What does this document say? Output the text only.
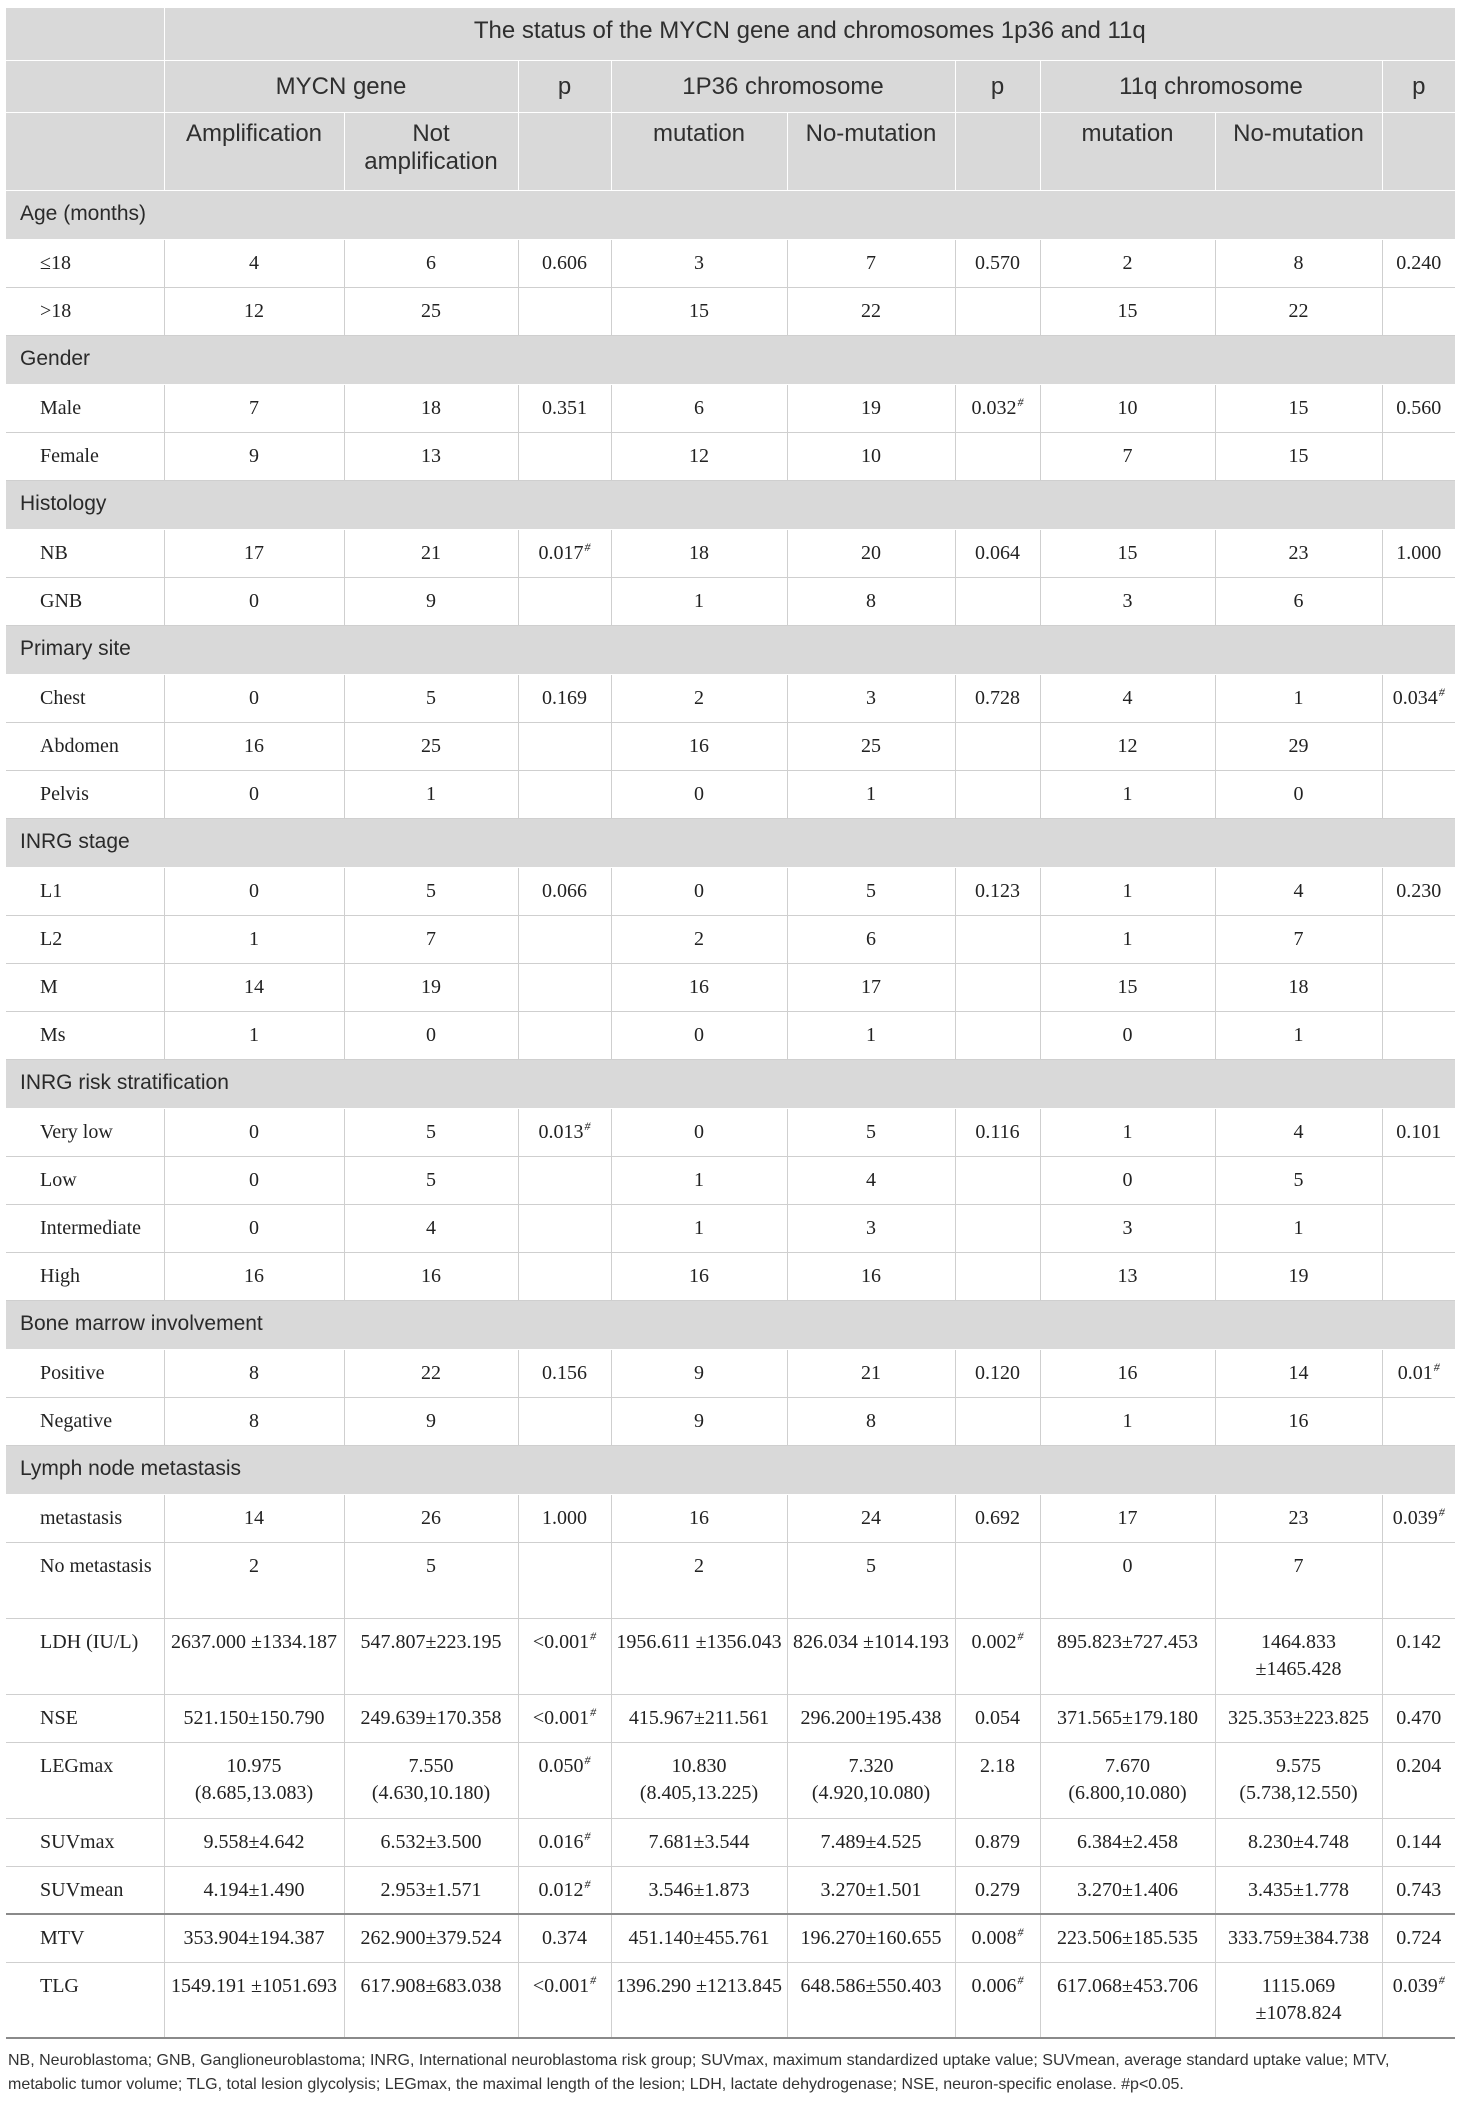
	The status of the MYCN gene and chromosomes 1p36 and 11q								
	MYCN gene		p	1P36 chromosome		p	11q chromosome		p
	Amplification	Not amplification		mutation	No-mutation		mutation	No-mutation	
Age (months)									
≤18	4	6	0.606	3	7	0.570	2	8	0.240
>18	12	25		15	22		15	22	
Gender									
Male	7	18	0.351	6	19	0.032#	10	15	0.560
Female	9	13		12	10		7	15	
Histology									
NB	17	21	0.017#	18	20	0.064	15	23	1.000
GNB	0	9		1	8		3	6	
Primary site									
Chest	0	5	0.169	2	3	0.728	4	1	0.034#
Abdomen	16	25		16	25		12	29	
Pelvis	0	1		0	1		1	0	
INRG stage									
L1	0	5	0.066	0	5	0.123	1	4	0.230
L2	1	7		2	6		1	7	
M	14	19		16	17		15	18	
Ms	1	0		0	1		0	1	
INRG risk stratification									
Very low	0	5	0.013#	0	5	0.116	1	4	0.101
Low	0	5		1	4		0	5	
Intermediate	0	4		1	3		3	1	
High	16	16		16	16		13	19	
Bone marrow involvement									
Positive	8	22	0.156	9	21	0.120	16	14	0.01#
Negative	8	9		9	8		1	16	
Lymph node metastasis									
metastasis	14	26	1.000	16	24	0.692	17	23	0.039#
No metastasis	2	5		2	5		0	7	
LDH (IU/L)	2637.000 ±1334.187	547.807±223.195	<0.001#	1956.611 ±1356.043	826.034 ±1014.193	0.002#	895.823±727.453	1464.833 ±1465.428	0.142
NSE	521.150±150.790	249.639±170.358	<0.001#	415.967±211.561	296.200±195.438	0.054	371.565±179.180	325.353±223.825	0.470
LEGmax	10.975 (8.685,13.083)	7.550 (4.630,10.180)	0.050#	10.830 (8.405,13.225)	7.320 (4.920,10.080)	2.18	7.670 (6.800,10.080)	9.575 (5.738,12.550)	0.204
SUVmax	9.558±4.642	6.532±3.500	0.016#	7.681±3.544	7.489±4.525	0.879	6.384±2.458	8.230±4.748	0.144
SUVmean	4.194±1.490	2.953±1.571	0.012#	3.546±1.873	3.270±1.501	0.279	3.270±1.406	3.435±1.778	0.743
MTV	353.904±194.387	262.900±379.524	0.374	451.140±455.761	196.270±160.655	0.008#	223.506±185.535	333.759±384.738	0.724
TLG	1549.191 ±1051.693	617.908±683.038	<0.001#	1396.290 ±1213.845	648.586±550.403	0.006#	617.068±453.706	1115.069 ±1078.824	0.039#
NB, Neuroblastoma; GNB, Ganglioneuroblastoma; INRG, International neuroblastoma risk group; SUVmax, maximum standardized uptake value; SUVmean, average standard uptake value; MTV, metabolic tumor volume; TLG, total lesion glycolysis; LEGmax, the maximal length of the lesion; LDH, lactate dehydrogenase; NSE, neuron-specific enolase. #p<0.05.
